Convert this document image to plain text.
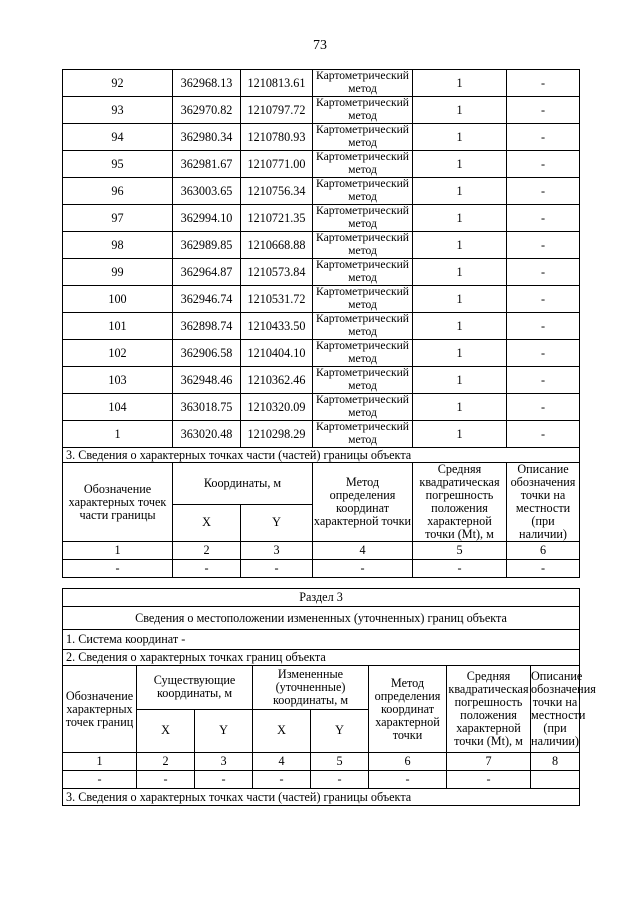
73
92	362968.13	1210813.61	Картометрический метод	1	-
93	362970.82	1210797.72	Картометрический метод	1	-
94	362980.34	1210780.93	Картометрический метод	1	-
95	362981.67	1210771.00	Картометрический метод	1	-
96	363003.65	1210756.34	Картометрический метод	1	-
97	362994.10	1210721.35	Картометрический метод	1	-
98	362989.85	1210668.88	Картометрический метод	1	-
99	362964.87	1210573.84	Картометрический метод	1	-
100	362946.74	1210531.72	Картометрический метод	1	-
101	362898.74	1210433.50	Картометрический метод	1	-
102	362906.58	1210404.10	Картометрический метод	1	-
103	362948.46	1210362.46	Картометрический метод	1	-
104	363018.75	1210320.09	Картометрический метод	1	-
1	363020.48	1210298.29	Картометрический метод	1	-
3. Сведения о характерных точках части (частей) границы объекта					
Обозначение характерных точек части границы	Координаты, м		Метод определения координат характерной точки	Средняя квадратическая погрешность положения характерной точки (Mt), м	Описание обозначения точки на местности (при наличии)
	X	Y			
1	2	3	4	5	6
-	-	-	-	-	-
Раздел 3							
Сведения о местоположении измененных (уточненных) границ объекта							
1. Система координат -							
2. Сведения о характерных точках границ объекта							
Обозначение характерных точек границ	Существующие координаты, м		Измененные (уточненные) координаты, м		Метод определения координат характерной точки	Средняя квадратическая погрешность положения характерной точки (Mt), м	Описание обозначения точки на местности (при наличии)
	X	Y	X	Y			
1	2	3	4	5	6	7	8
-	-	-	-	-	-	-	
3. Сведения о характерных точках части (частей) границы объекта							
